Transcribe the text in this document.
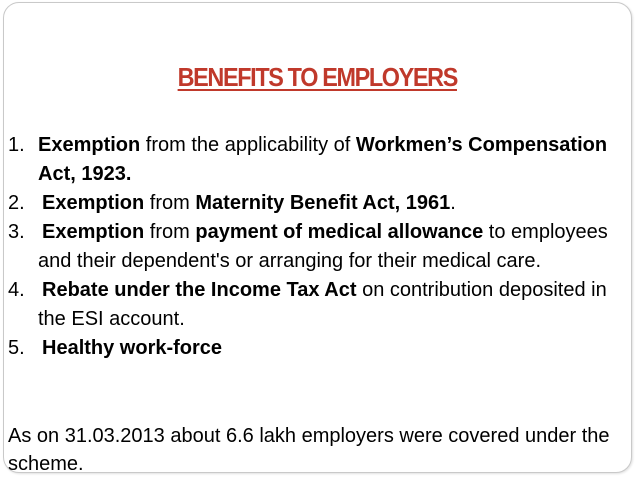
BENEFITS TO EMPLOYERS
1. Exemption from the applicability of Workmen’s Compensation Act, 1923.
2. Exemption from Maternity Benefit Act, 1961.
3. Exemption from payment of medical allowance to employees and their dependent's or arranging for their medical care.
4. Rebate under the Income Tax Act on contribution deposited in the ESI account.
5. Healthy work-force
As on 31.03.2013 about 6.6 lakh employers were covered under the scheme.
